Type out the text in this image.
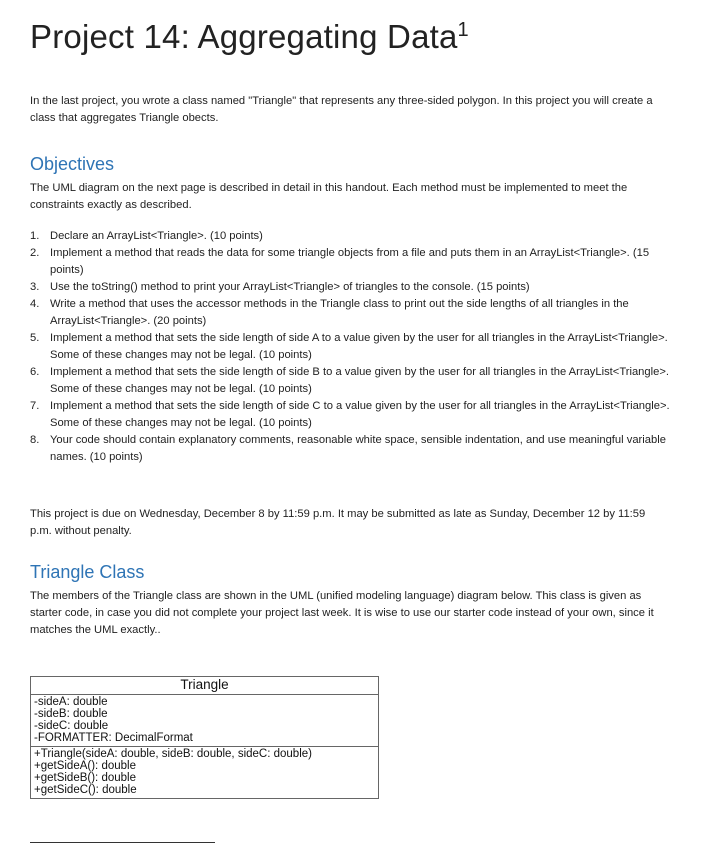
Project 14: Aggregating Data$^1$
In the last project, you wrote a class named "Triangle" that represents any three-sided polygon. In this project you will create a class that aggregates Triangle obects.
Objectives
The UML diagram on the next page is described in detail in this handout. Each method must be implemented to meet the constraints exactly as described.
1. Declare an ArrayList<Triangle>. (10 points)
2. Implement a method that reads the data for some triangle objects from a file and puts them in an ArrayList<Triangle>. (15 points)
3. Use the toString() method to print your ArrayList<Triangle> of triangles to the console. (15 points)
4. Write a method that uses the accessor methods in the Triangle class to print out the side lengths of all triangles in the ArrayList<Triangle>. (20 points)
5. Implement a method that sets the side length of side A to a value given by the user for all triangles in the ArrayList<Triangle>. Some of these changes may not be legal. (10 points)
6. Implement a method that sets the side length of side B to a value given by the user for all triangles in the ArrayList<Triangle>. Some of these changes may not be legal. (10 points)
7. Implement a method that sets the side length of side C to a value given by the user for all triangles in the ArrayList<Triangle>. Some of these changes may not be legal. (10 points)
8. Your code should contain explanatory comments, reasonable white space, sensible indentation, and use meaningful variable names. (10 points)
This project is due on Wednesday, December 8 by 11:59 p.m. It may be submitted as late as Sunday, December 12 by 11:59 p.m. without penalty.
Triangle Class
The members of the Triangle class are shown in the UML (unified modeling language) diagram below. This class is given as starter code, in case you did not complete your project last week. It is wise to use our starter code instead of your own, since it matches the UML exactly..
Triangle
-sideA: double
-sideB: double
-sideC: double
-FORMATTER: DecimalFormat
+Triangle(sideA: double, sideB: double, sideC: double)
+getSideA(): double
+getSideB(): double
+getSideC(): double
